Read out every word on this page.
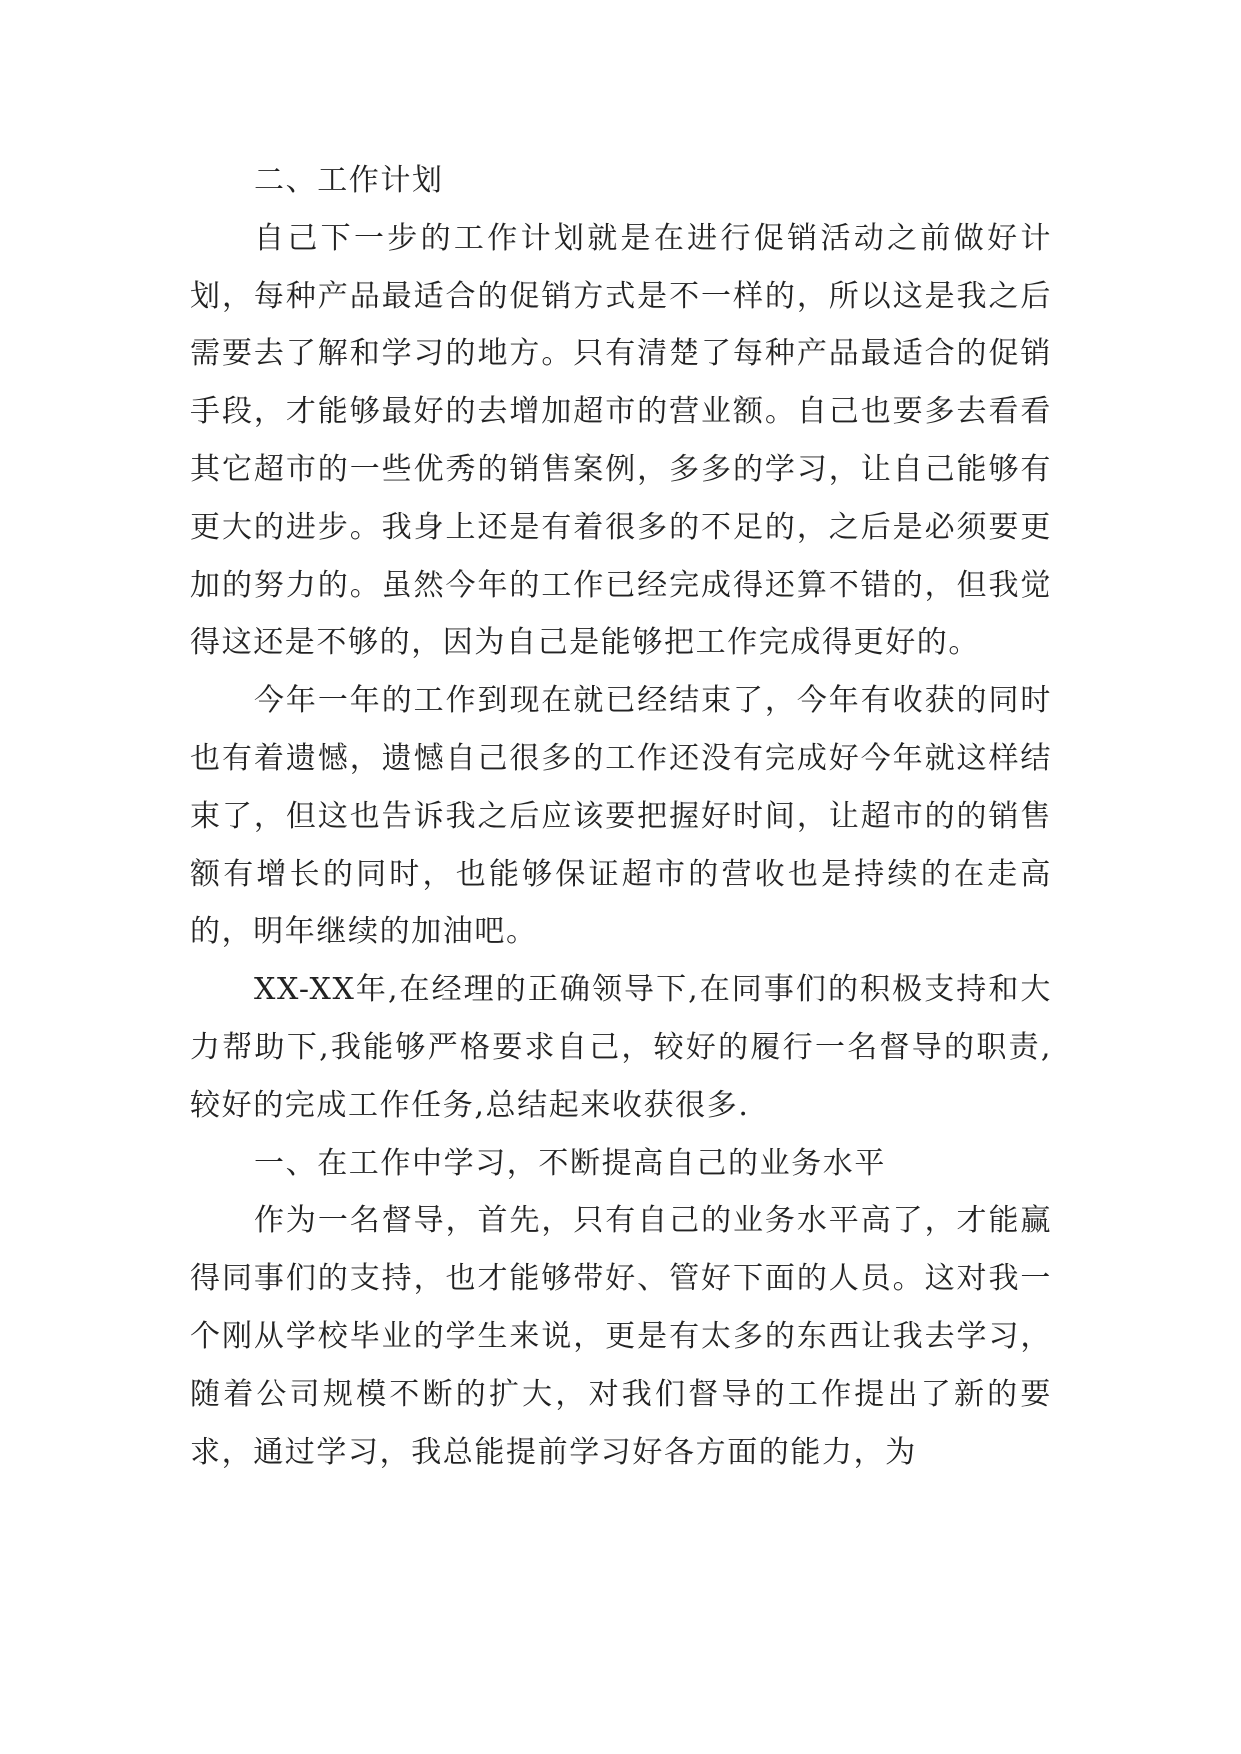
二、工作计划

自己下一步的工作计划就是在进行促销活动之前做好计划，每种产品最适合的促销方式是不一样的，所以这是我之后需要去了解和学习的地方。只有清楚了每种产品最适合的促销手段，才能够最好的去增加超市的营业额。自己也要多去看看其它超市的一些优秀的销售案例，多多的学习，让自己能够有更大的进步。我身上还是有着很多的不足的，之后是必须要更加的努力的。虽然今年的工作已经完成得还算不错的，但我觉得这还是不够的，因为自己是能够把工作完成得更好的。

今年一年的工作到现在就已经结束了，今年有收获的同时也有着遗憾，遗憾自己很多的工作还没有完成好今年就这样结束了，但这也告诉我之后应该要把握好时间，让超市的的销售额有增长的同时，也能够保证超市的营收也是持续的在走高的，明年继续的加油吧。

XX-XX年,在经理的正确领导下,在同事们的积极支持和大力帮助下,我能够严格要求自己，较好的履行一名督导的职责,较好的完成工作任务,总结起来收获很多.

一、在工作中学习，不断提高自己的业务水平

作为一名督导，首先，只有自己的业务水平高了，才能赢得同事们的支持，也才能够带好、管好下面的人员。这对我一个刚从学校毕业的学生来说，更是有太多的东西让我去学习，随着公司规模不断的扩大，对我们督导的工作提出了新的要求，通过学习，我总能提前学习好各方面的能力，为
